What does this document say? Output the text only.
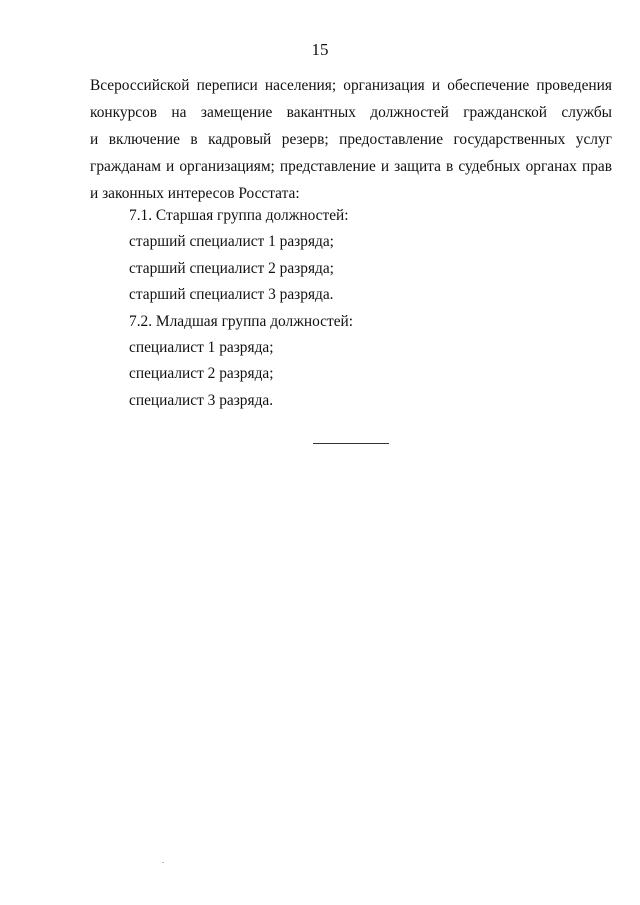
15
Всероссийской переписи населения; организация и обеспечение проведения
конкурсов на замещение вакантных должностей гражданской службы
и включение в кадровый резерв; предоставление государственных услуг
гражданам и организациям; представление и защита в судебных органах прав
и законных интересов Росстата:
7.1. Старшая группа должностей:
старший специалист 1 разряда;
старший специалист 2 разряда;
старший специалист 3 разряда.
7.2. Младшая группа должностей:
специалист 1 разряда;
специалист 2 разряда;
специалист 3 разряда.
